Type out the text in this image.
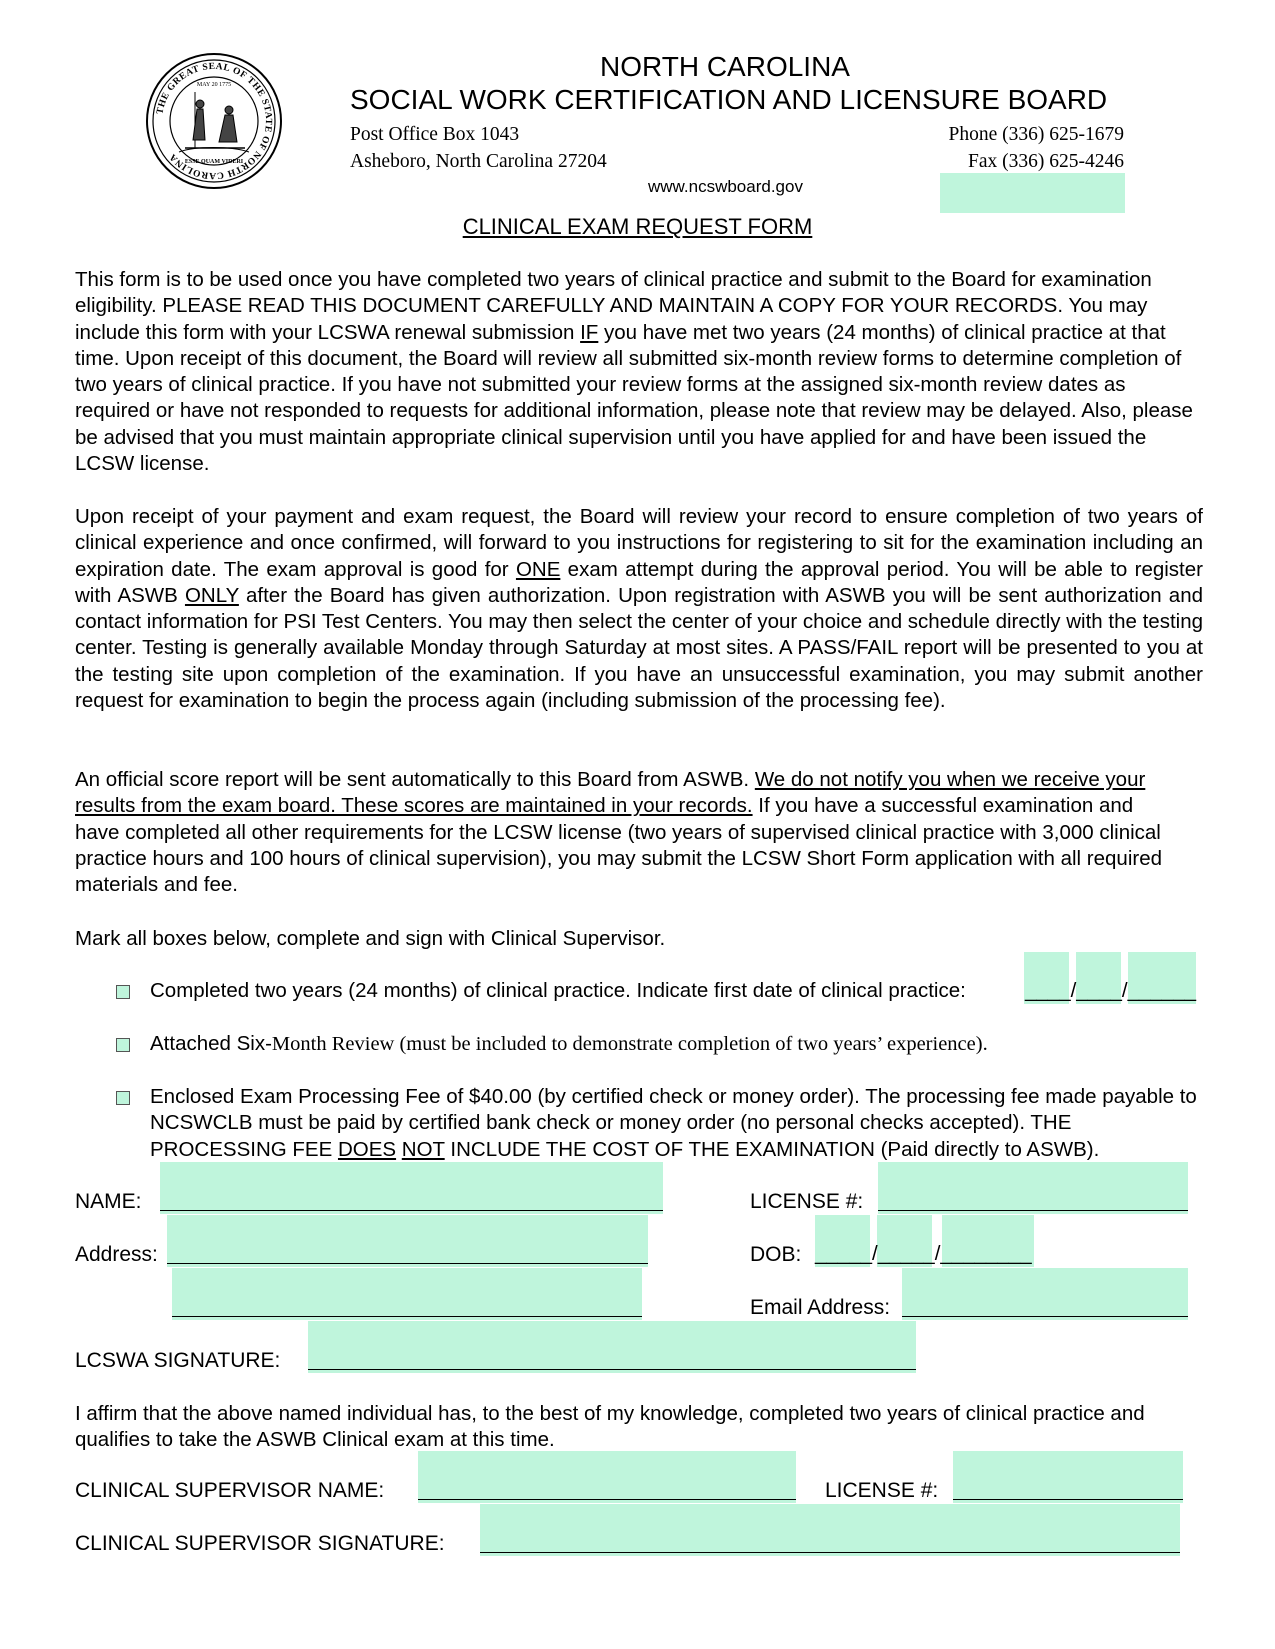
THE GREAT SEAL OF THE STATE OF NORTH CAROLINA
MAY 20 1775
ESSE QUAM VIDERI
NORTH CAROLINA
SOCIAL WORK CERTIFICATION AND LICENSURE BOARD
Post Office Box 1043
Asheboro, North Carolina 27204
Phone (336) 625-1679
Fax (336) 625-4246
www.ncswboard.gov
CLINICAL EXAM REQUEST FORM
This form is to be used once you have completed two years of clinical practice and submit to the Board for examination eligibility. PLEASE READ THIS DOCUMENT CAREFULLY AND MAINTAIN A COPY FOR YOUR RECORDS. You may include this form with your LCSWA renewal submission IF you have met two years (24 months) of clinical practice at that time. Upon receipt of this document, the Board will review all submitted six-month review forms to determine completion of two years of clinical practice. If you have not submitted your review forms at the assigned six-month review dates as required or have not responded to requests for additional information, please note that review may be delayed. Also, please be advised that you must maintain appropriate clinical supervision until you have applied for and have been issued the LCSW license.
Upon receipt of your payment and exam request, the Board will review your record to ensure completion of two years of clinical experience and once confirmed, will forward to you instructions for registering to sit for the examination including an expiration date. The exam approval is good for ONE exam attempt during the approval period. You will be able to register with ASWB ONLY after the Board has given authorization. Upon registration with ASWB you will be sent authorization and contact information for PSI Test Centers. You may then select the center of your choice and schedule directly with the testing center. Testing is generally available Monday through Saturday at most sites. A PASS/FAIL report will be presented to you at the testing site upon completion of the examination. If you have an unsuccessful examination, you may submit another request for examination to begin the process again (including submission of the processing fee).
An official score report will be sent automatically to this Board from ASWB. We do not notify you when we receive your results from the exam board. These scores are maintained in your records. If you have a successful examination and have completed all other requirements for the LCSW license (two years of supervised clinical practice with 3,000 clinical practice hours and 100 hours of clinical supervision), you may submit the LCSW Short Form application with all required materials and fee.
Mark all boxes below, complete and sign with Clinical Supervisor.
Completed two years (24 months) of clinical practice. Indicate first date of clinical practice:	____/____/______
Attached Six-Month Review (must be included to demonstrate completion of two years’ experience).
Enclosed Exam Processing Fee of $40.00 (by certified check or money order). The processing fee made payable to NCSWCLB must be paid by certified bank check or money order (no personal checks accepted). THE PROCESSING FEE DOES NOT INCLUDE THE COST OF THE EXAMINATION (Paid directly to ASWB).
NAME:	LICENSE #:
Address:	DOB: _____/_____/________
Email Address:
LCSWA SIGNATURE:
I affirm that the above named individual has, to the best of my knowledge, completed two years of clinical practice and qualifies to take the ASWB Clinical exam at this time.
CLINICAL SUPERVISOR NAME:	LICENSE #:
CLINICAL SUPERVISOR SIGNATURE:
